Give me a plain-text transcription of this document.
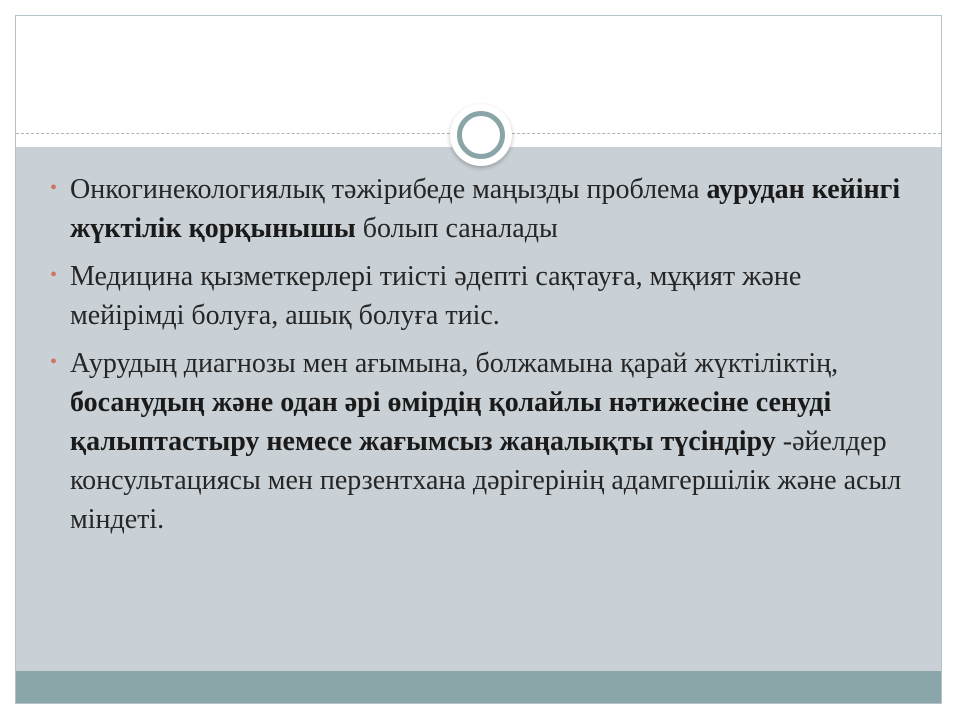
• Онкогинекологиялық тәжірибеде маңызды проблема аурудан кейінгі жүктілік қорқынышы болып саналады
• Медицина қызметкерлері тиісті әдепті сақтауға, мұқият және мейірімді болуға, ашық болуға тиіс.
• Аурудың диагнозы мен ағымына, болжамына қарай жүктіліктің, босанудың және одан әрі өмірдің қолайлы нәтижесіне сенуді қалыптастыру немесе жағымсыз жаңалықты түсіндіру -әйелдер консультациясы мен перзентхана дәрігерінің адамгершілік және асыл міндеті.
